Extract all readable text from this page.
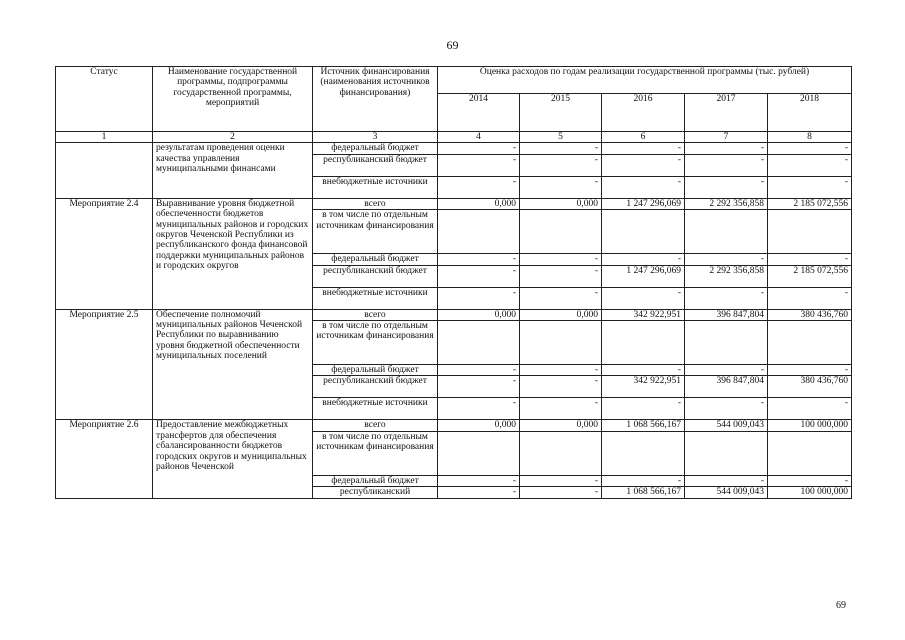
69
Статус	Наименование государственной программы, подпрограммы государственной программы, мероприятий	Источник финансирования (наименования источников финансирования)	Оценка расходов по годам реализации государственной программы (тыс. рублей)				
			2014	2015	2016	2017	2018
1	2	3	4	5	6	7	8
	результатам проведения оценки качества управления муниципальными финансами	федеральный бюджет	-	-	-	-	-
		республиканский бюджет	-	-	-	-	-
		внебюджетные источники	-	-	-	-	-
Мероприятие 2.4	Выравнивание уровня бюджетной обеспеченности бюджетов муниципальных районов и городских округов Чеченской Республики из республиканского фонда финансовой поддержки муниципальных районов и городских округов	всего	0,000	0,000	1 247 296,069	2 292 356,858	2 185 072,556
		в том числе по отдельным источникам финансирования					
		федеральный бюджет	-	-	-	-	-
		республиканский бюджет	-	-	1 247 296,069	2 292 356,858	2 185 072,556
		внебюджетные источники	-	-	-	-	-
Мероприятие 2.5	Обеспечение полномочий муниципальных районов Чеченской Республики по выравниванию уровня бюджетной обеспеченности муниципальных поселений	всего	0,000	0,000	342 922,951	396 847,804	380 436,760
		в том числе по отдельным источникам финансирования					
		федеральный бюджет	-	-	-	-	-
		республиканский бюджет	-	-	342 922,951	396 847,804	380 436,760
		внебюджетные источники	-	-	-	-	-
Мероприятие 2.6	Предоставление межбюджетных трансфертов для обеспечения сбалансированности бюджетов городских округов и муниципальных районов Чеченской	всего	0,000	0,000	1 068 566,167	544 009,043	100 000,000
		в том числе по отдельным источникам финансирования					
		федеральный бюджет	-	-	-	-	-
		республиканский	-	-	1 068 566,167	544 009,043	100 000,000
69
